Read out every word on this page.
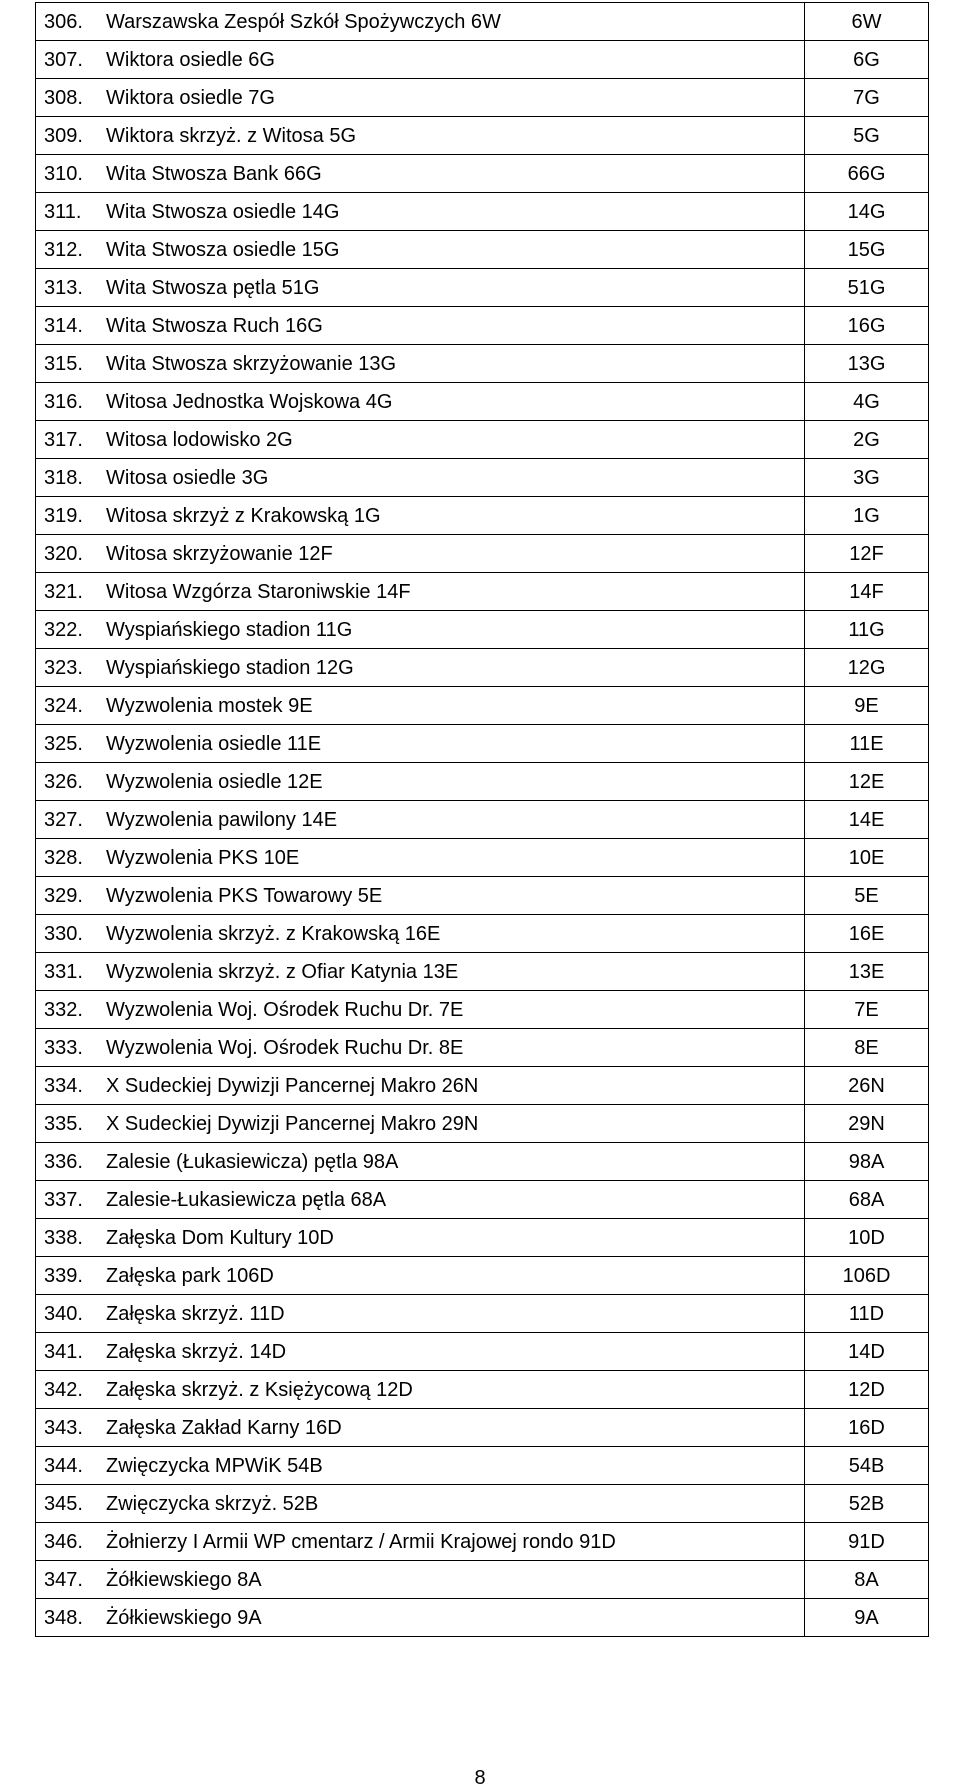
306. Warszawska Zespół Szkół Spożywczych 6W	6W
307. Wiktora osiedle 6G	6G
308. Wiktora osiedle 7G	7G
309. Wiktora skrzyż. z Witosa 5G	5G
310. Wita Stwosza Bank 66G	66G
311. Wita Stwosza osiedle 14G	14G
312. Wita Stwosza osiedle 15G	15G
313. Wita Stwosza pętla 51G	51G
314. Wita Stwosza Ruch 16G	16G
315. Wita Stwosza skrzyżowanie 13G	13G
316. Witosa Jednostka Wojskowa 4G	4G
317. Witosa lodowisko 2G	2G
318. Witosa osiedle 3G	3G
319. Witosa skrzyż z Krakowską 1G	1G
320. Witosa skrzyżowanie 12F	12F
321. Witosa Wzgórza Staroniwskie 14F	14F
322. Wyspiańskiego stadion 11G	11G
323. Wyspiańskiego stadion 12G	12G
324. Wyzwolenia mostek 9E	9E
325. Wyzwolenia osiedle 11E	11E
326. Wyzwolenia osiedle 12E	12E
327. Wyzwolenia pawilony 14E	14E
328. Wyzwolenia PKS 10E	10E
329. Wyzwolenia PKS Towarowy 5E	5E
330. Wyzwolenia skrzyż. z Krakowską 16E	16E
331. Wyzwolenia skrzyż. z Ofiar Katynia 13E	13E
332. Wyzwolenia Woj. Ośrodek Ruchu Dr. 7E	7E
333. Wyzwolenia Woj. Ośrodek Ruchu Dr. 8E	8E
334. X Sudeckiej Dywizji Pancernej Makro 26N	26N
335. X Sudeckiej Dywizji Pancernej Makro 29N	29N
336. Zalesie (Łukasiewicza) pętla 98A	98A
337. Zalesie-Łukasiewicza pętla 68A	68A
338. Załęska Dom Kultury 10D	10D
339. Załęska park 106D	106D
340. Załęska skrzyż. 11D	11D
341. Załęska skrzyż. 14D	14D
342. Załęska skrzyż. z Księżycową 12D	12D
343. Załęska Zakład Karny 16D	16D
344. Zwięczycka MPWiK 54B	54B
345. Zwięczycka skrzyż. 52B	52B
346. Żołnierzy I Armii WP cmentarz / Armii Krajowej rondo 91D	91D
347. Żółkiewskiego 8A	8A
348. Żółkiewskiego 9A	9A
8
